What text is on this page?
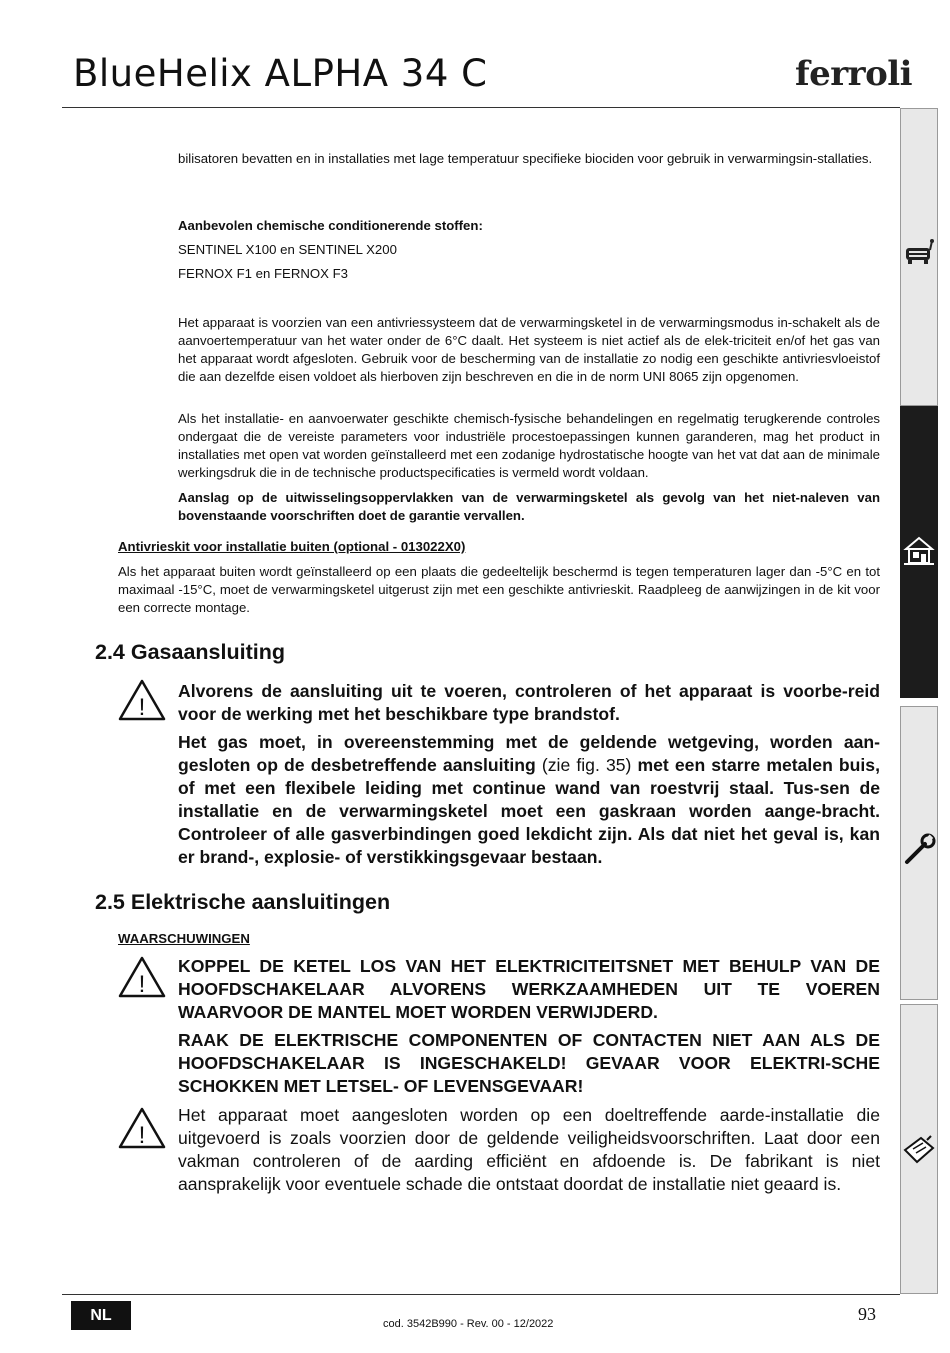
BlueHelix ALPHA 34 C	ferroli
bilisatoren bevatten en in installaties met lage temperatuur specifieke biociden voor gebruik in verwarmingsin-stallaties.
Aanbevolen chemische conditionerende stoffen:
SENTINEL X100 en SENTINEL X200
FERNOX F1 en FERNOX F3
Het apparaat is voorzien van een antivriessysteem dat de verwarmingsketel in de verwarmingsmodus in-schakelt als de aanvoertemperatuur van het water onder de 6°C daalt. Het systeem is niet actief als de elek-triciteit en/of het gas van het apparaat wordt afgesloten. Gebruik voor de bescherming van de installatie zo nodig een geschikte antivriesvloeistof die aan dezelfde eisen voldoet als hierboven zijn beschreven en die in de norm UNI 8065 zijn opgenomen.
Als het installatie- en aanvoerwater geschikte chemisch-fysische behandelingen en regelmatig terugkerende controles ondergaat die de vereiste parameters voor industriële procestoepassingen kunnen garanderen, mag het product in installaties met open vat worden geïnstalleerd met een zodanige hydrostatische hoogte van het vat dat aan de minimale werkingsdruk die in de technische productspecificaties is vermeld wordt voldaan.
Aanslag op de uitwisselingsoppervlakken van de verwarmingsketel als gevolg van het niet-naleven van bovenstaande voorschriften doet de garantie vervallen.
Antivrieskit voor installatie buiten (optional - 013022X0)
Als het apparaat buiten wordt geïnstalleerd op een plaats die gedeeltelijk beschermd is tegen temperaturen lager dan -5°C en tot maximaal -15°C, moet de verwarmingsketel uitgerust zijn met een geschikte antivrieskit. Raadpleeg de aanwijzingen in de kit voor een correcte montage.
2.4 Gasaansluiting
!
Alvorens de aansluiting uit te voeren, controleren of het apparaat is voorbe-reid voor de werking met het beschikbare type brandstof.
Het gas moet, in overeenstemming met de geldende wetgeving, worden aan-gesloten op de desbetreffende aansluiting (zie fig. 35) met een starre metalen buis, of met een flexibele leiding met continue wand van roestvrij staal. Tus-sen de installatie en de verwarmingsketel moet een gaskraan worden aange-bracht. Controleer of alle gasverbindingen goed lekdicht zijn. Als dat niet het geval is, kan er brand-, explosie- of verstikkingsgevaar bestaan.
2.5 Elektrische aansluitingen
WAARSCHUWINGEN
!
KOPPEL DE KETEL LOS VAN HET ELEKTRICITEITSNET MET BEHULP VAN DE HOOFDSCHAKELAAR ALVORENS WERKZAAMHEDEN UIT TE VOEREN WAARVOOR DE MANTEL MOET WORDEN VERWIJDERD.
RAAK DE ELEKTRISCHE COMPONENTEN OF CONTACTEN NIET AAN ALS DE HOOFDSCHAKELAAR IS INGESCHAKELD! GEVAAR VOOR ELEKTRI-SCHE SCHOKKEN MET LETSEL- OF LEVENSGEVAAR!
!
Het apparaat moet aangesloten worden op een doeltreffende aarde-installatie die uitgevoerd is zoals voorzien door de geldende veiligheidsvoorschriften. Laat door een vakman controleren of de aarding efficiënt en afdoende is. De fabrikant is niet aansprakelijk voor eventuele schade die ontstaat doordat de installatie niet geaard is.
NL	cod. 3542B990 - Rev. 00 - 12/2022	93
